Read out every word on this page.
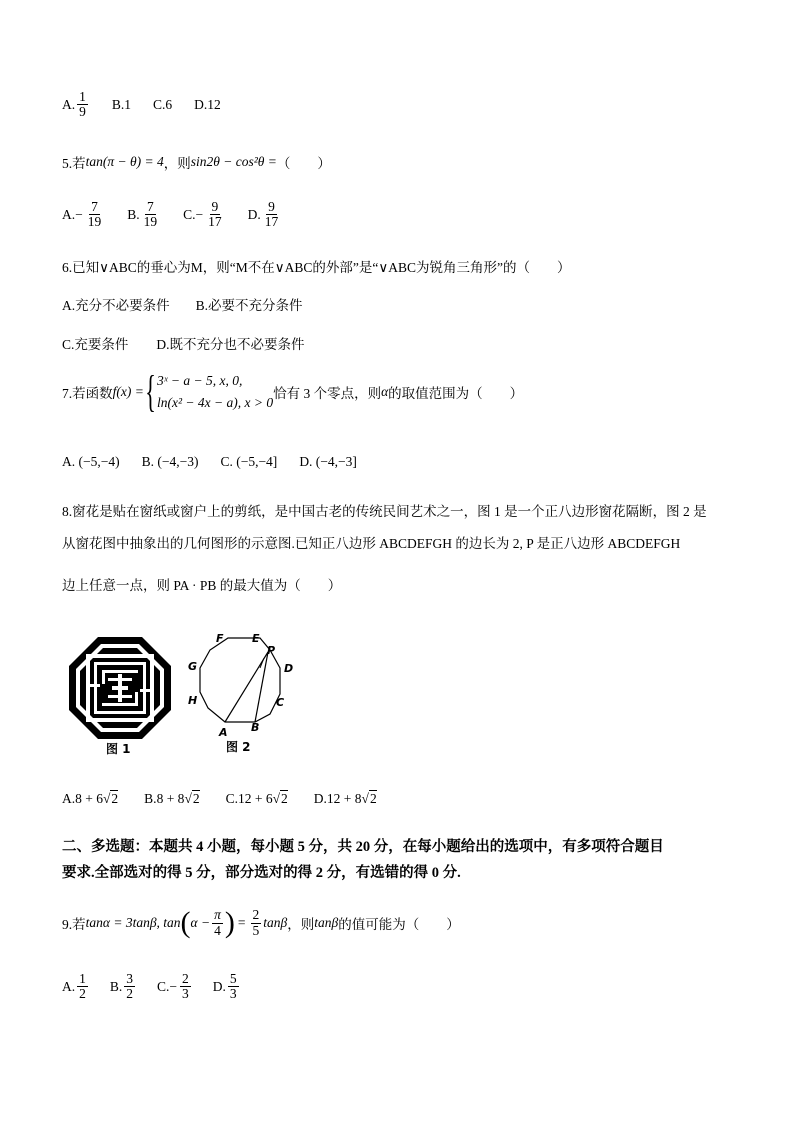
A. $\frac{1}{9} B.1$ C.6 D.12
5.若 tan(π − θ) = 4 ，则 sin2θ − cos²θ = （　　）
A. − $\frac{7}{19} B$. $\frac{7}{19} C$. − $\frac{9}{17} D$. $\frac{9}{17}$
6.已知∨ABC的垂心为M，则“M不在∨ABC的外部”是“∨ABC为锐角三角形”的（　　）
A.充分不必要条件 B.必要不充分条件
C.充要条件 D.既不充分也不必要条件
7.若函数 f(x) = { 3ˣ − a − 5, x, 0,
ln(x² − 4x − a), x > 0
恰有 3 个零点，则 α 的取值范围为（　　）
A. (−5,−4) B. (−4,−3) C. (−5,−4] D. (−4,−3]
8.窗花是贴在窗纸或窗户上的剪纸，是中国古老的传统民间艺术之一，图 1 是一个正八边形窗花隔断，图 2 是
从窗花图中抽象出的几何图形的示意图.已知正八边形 ABCDEFGH 的边长为 2, P 是正八边形 ABCDEFGH
边上任意一点，则 PA · PB 的最大值为（　　）
图 1
A B
C
D
E
F
G
H
P
图 2
A. 8 + 6 √ 2 B. 8 + 8 √ 2 C. 12 + 6 √ 2 D. 12 + 8 √ 2
二、多选题：本题共 4 小题，每小题 5 分，共 20 分，在每小题给出的选项中，有多项符合题目
要求.全部选对的得 5 分，部分选对的得 2 分，有选错的得 0 分.
9.若 tanα = 3tanβ, tan ( $\alpha - \frac{\pi}{4}$ ) = $\frac{2}{5}$ tanβ ，则 tanβ 的值可能为（　　）
A. $\frac{1}{2} B$. $\frac{3}{2} C$. − $\frac{2}{3} D$. $\frac{5}{3}$
